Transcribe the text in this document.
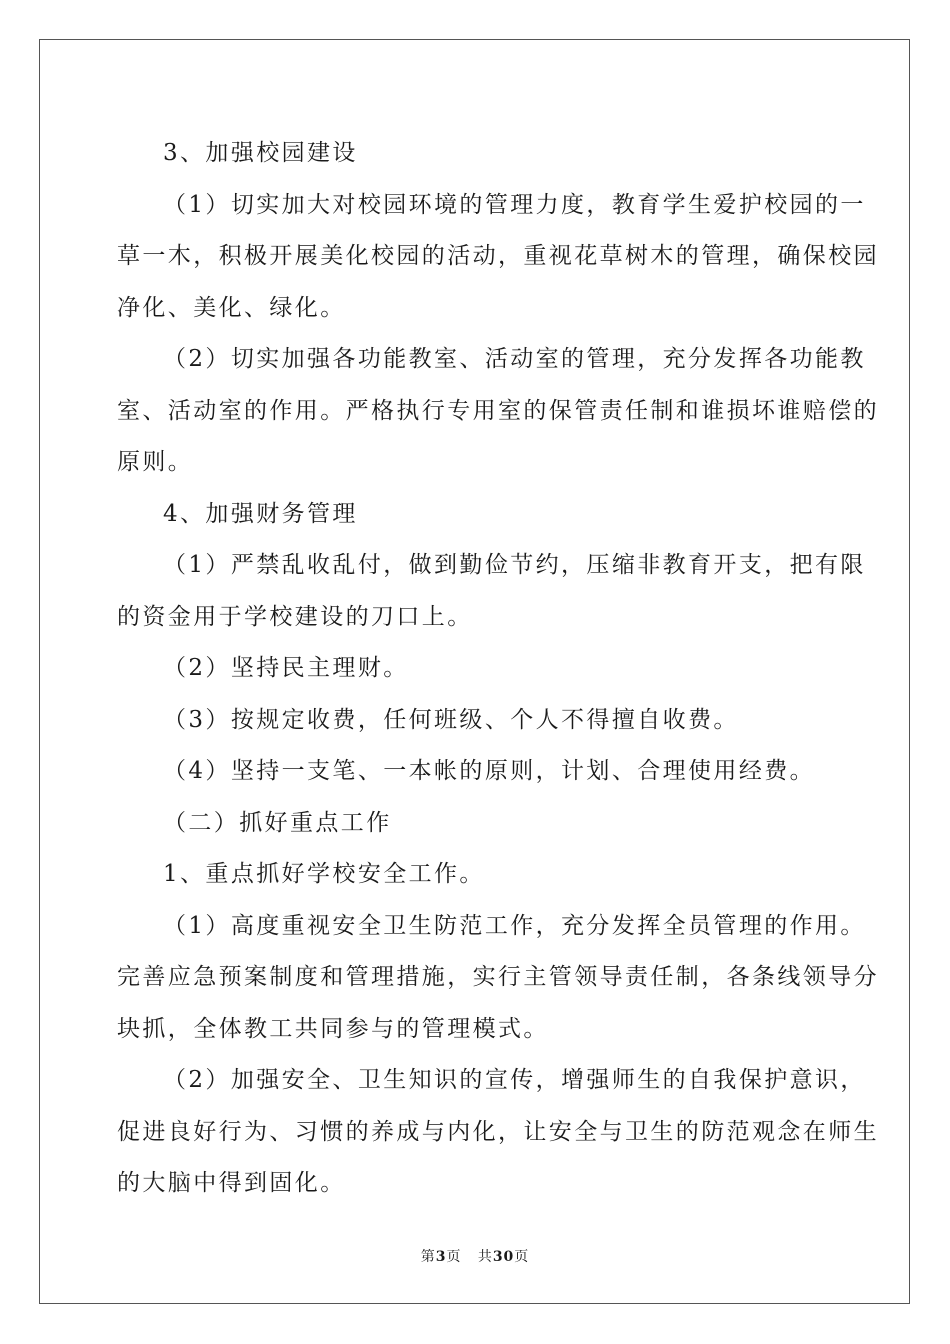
3、加强校园建设
（1）切实加大对校园环境的管理力度，教育学生爱护校园的一
草一木，积极开展美化校园的活动，重视花草树木的管理，确保校园
净化、美化、绿化。
（2）切实加强各功能教室、活动室的管理，充分发挥各功能教
室、活动室的作用。严格执行专用室的保管责任制和谁损坏谁赔偿的
原则。
4、加强财务管理
（1）严禁乱收乱付，做到勤俭节约，压缩非教育开支，把有限
的资金用于学校建设的刀口上。
（2）坚持民主理财。
（3）按规定收费，任何班级、个人不得擅自收费。
（4）坚持一支笔、一本帐的原则，计划、合理使用经费。
（二）抓好重点工作
1、重点抓好学校安全工作。
（1）高度重视安全卫生防范工作，充分发挥全员管理的作用。
完善应急预案制度和管理措施，实行主管领导责任制，各条线领导分
块抓，全体教工共同参与的管理模式。
（2）加强安全、卫生知识的宣传，增强师生的自我保护意识，
促进良好行为、习惯的养成与内化，让安全与卫生的防范观念在师生
的大脑中得到固化。
第3页 共30页
